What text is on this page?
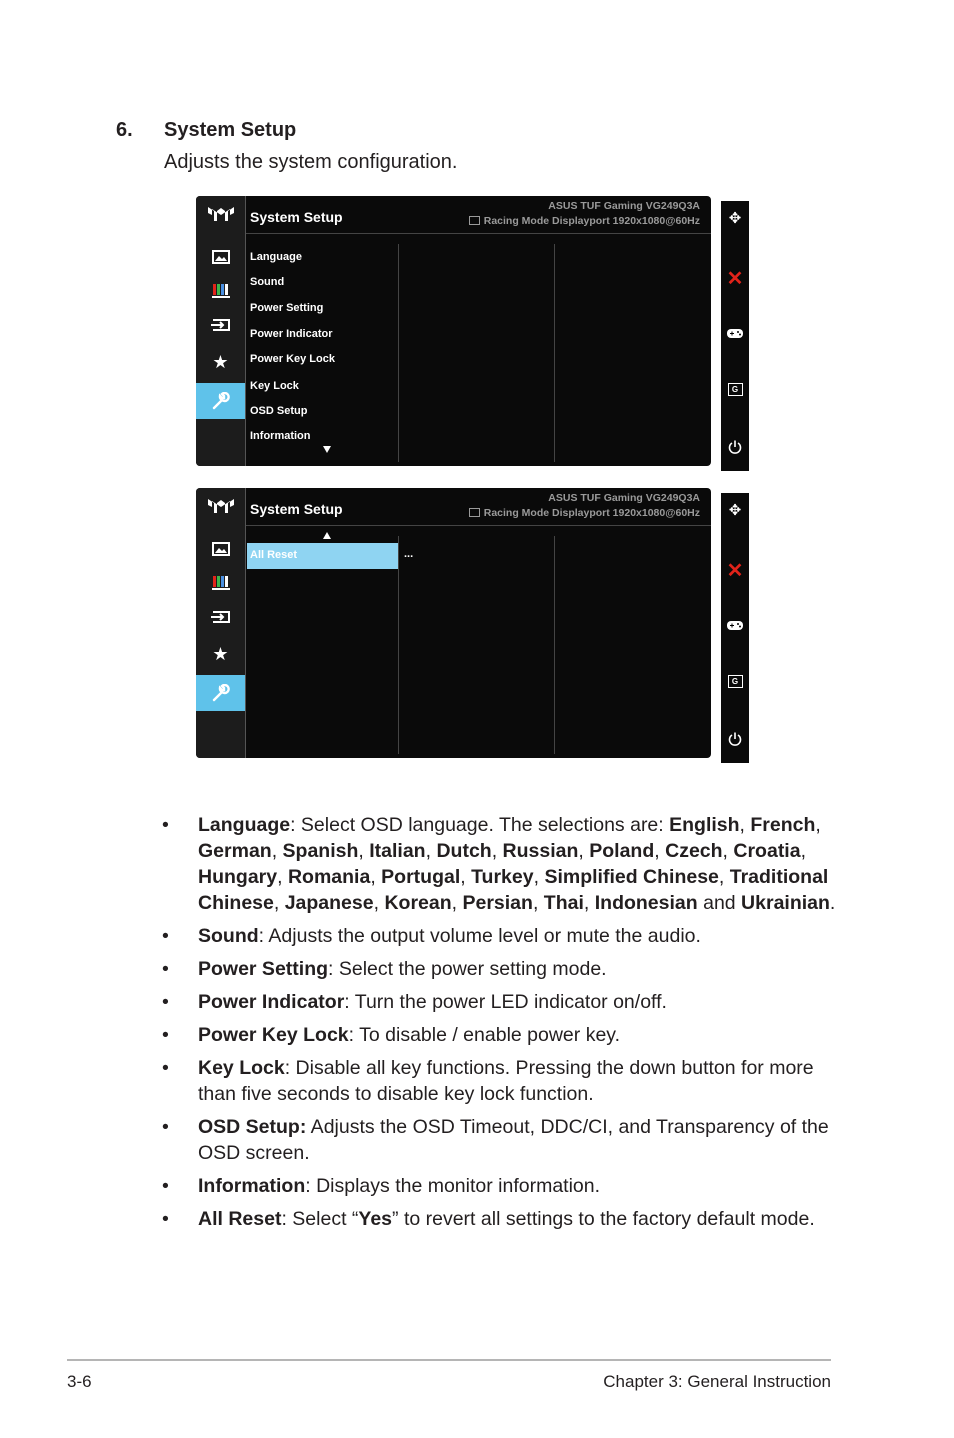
6. System Setup
Adjusts the system configuration.
★
System Setup
ASUS TUF Gaming VG249Q3A
Racing Mode Displayport 1920x1080@60Hz
Language
Sound
Power Setting
Power Indicator
Power Key Lock
Key Lock
OSD Setup
Information
✥
✕
G
★
System Setup
ASUS TUF Gaming VG249Q3A
Racing Mode Displayport 1920x1080@60Hz
All Reset	...
✥
✕
G
• Language: Select OSD language. The selections are: English, French, German, Spanish, Italian, Dutch, Russian, Poland, Czech, Croatia, Hungary, Romania, Portugal, Turkey, Simplified Chinese, Traditional Chinese, Japanese, Korean, Persian, Thai, Indonesian and Ukrainian.
• Sound: Adjusts the output volume level or mute the audio.
• Power Setting: Select the power setting mode.
• Power Indicator: Turn the power LED indicator on/off.
• Power Key Lock: To disable / enable power key.
• Key Lock: Disable all key functions. Pressing the down button for more than five seconds to disable key lock function.
• OSD Setup: Adjusts the OSD Timeout, DDC/CI, and Transparency of the OSD screen.
• Information: Displays the monitor information.
• All Reset: Select “Yes” to revert all settings to the factory default mode.
3-6	Chapter 3: General Instruction
